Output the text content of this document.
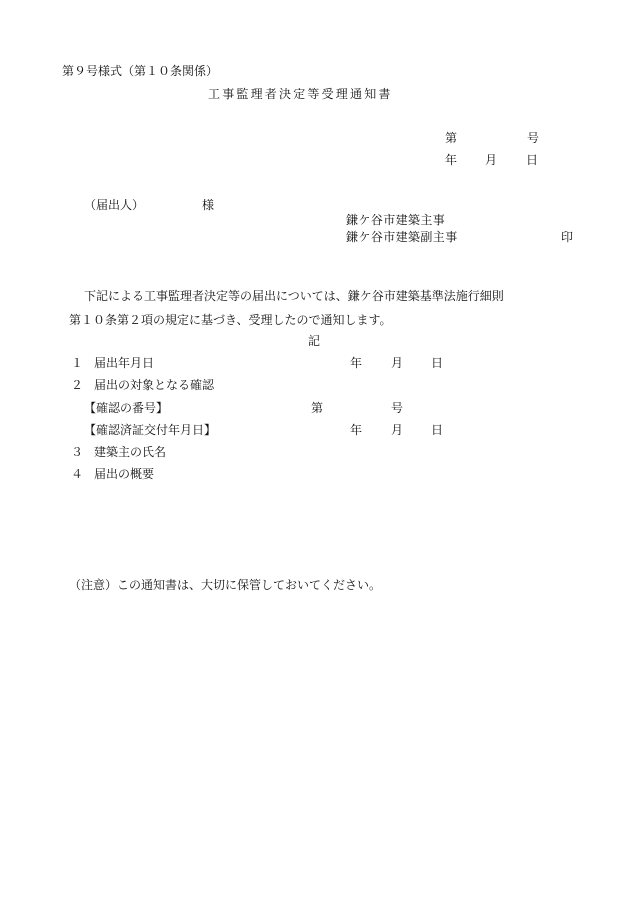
第９号様式（第１０条関係）
工事監理者決定等受理通知書
第	号
年 月 日
（届出人）	様
鎌ケ谷市建築主事
鎌ケ谷市建築副主事	印
下記による工事監理者決定等の届出については、鎌ケ谷市建築基準法施行細則
第１０条第２項の規定に基づき、受理したので通知します。
記
１ 届出年月日	年 月 日
２ 届出の対象となる確認
【確認の番号】	第	号
【確認済証交付年月日】	年 月 日
３ 建築主の氏名
４ 届出の概要
（注意）この通知書は、大切に保管しておいてください。
